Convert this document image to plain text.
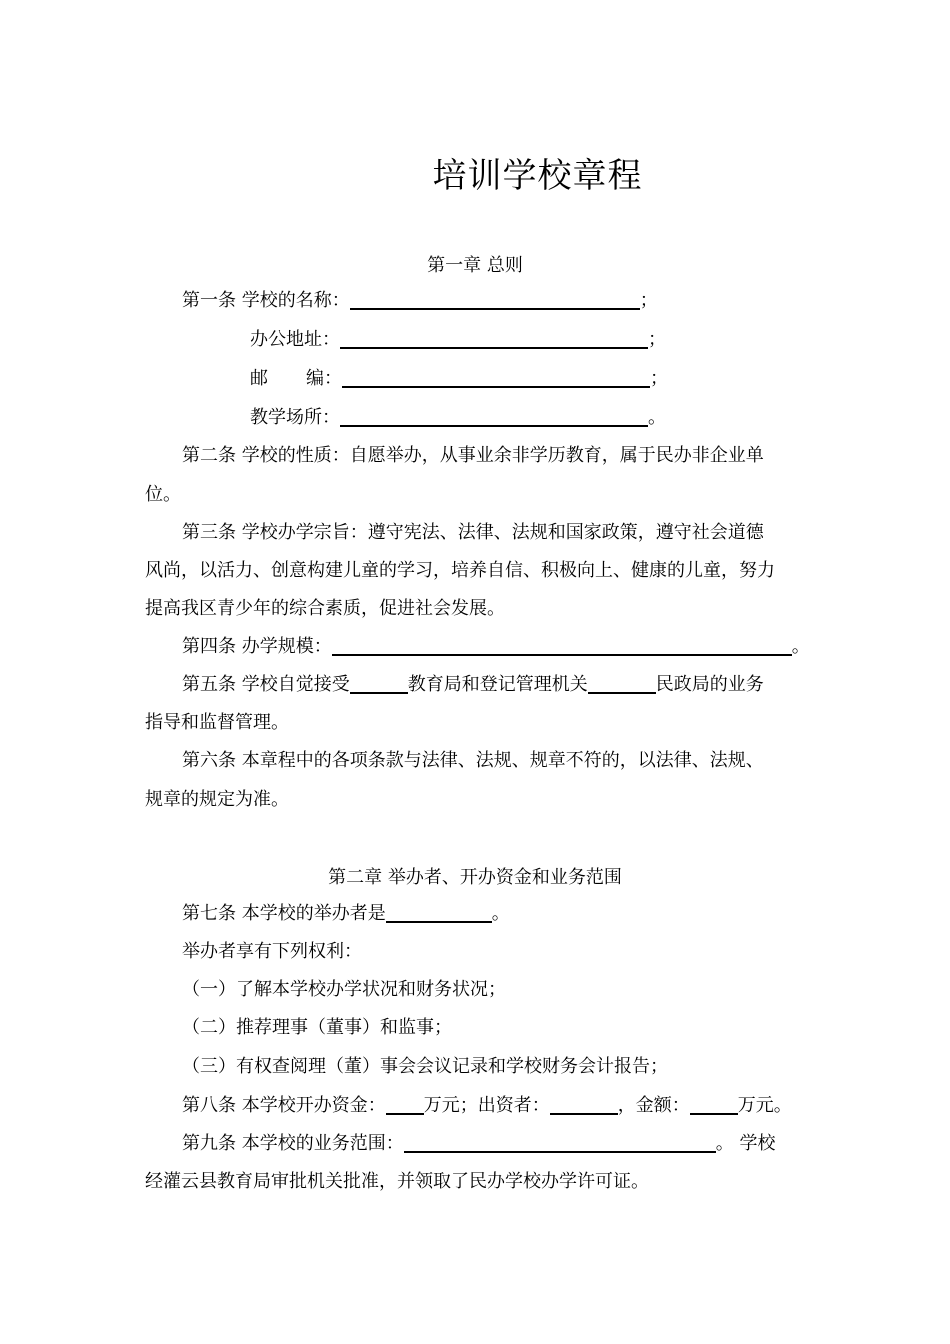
培训学校章程
第一章 总则
第一条 学校的名称：	；
办公地址：	；
邮 编：	；
教学场所：	。
第二条 学校的性质：自愿举办，从事业余非学历教育，属于民办非企业单
位。
第三条 学校办学宗旨：遵守宪法、法律、法规和国家政策，遵守社会道德
风尚，以活力、创意构建儿童的学习，培养自信、积极向上、健康的儿童，努力
提高我区青少年的综合素质，促进社会发展。
第四条 办学规模：	。
第五条 学校自觉接受	教育局和登记管理机关	民政局的业务
指导和监督管理。
第六条 本章程中的各项条款与法律、法规、规章不符的，以法律、法规、
规章的规定为准。
第二章 举办者、开办资金和业务范围
第七条 本学校的举办者是	。
举办者享有下列权利：
（一）了解本学校办学状况和财务状况；
（二）推荐理事（董事）和监事；
（三）有权查阅理（董）事会会议记录和学校财务会计报告；
第八条 本学校开办资金： 万元；出资者：	，金额：	万元。
第九条 本学校的业务范围：	。 学校
经灌云县教育局审批机关批准，并领取了民办学校办学许可证。
